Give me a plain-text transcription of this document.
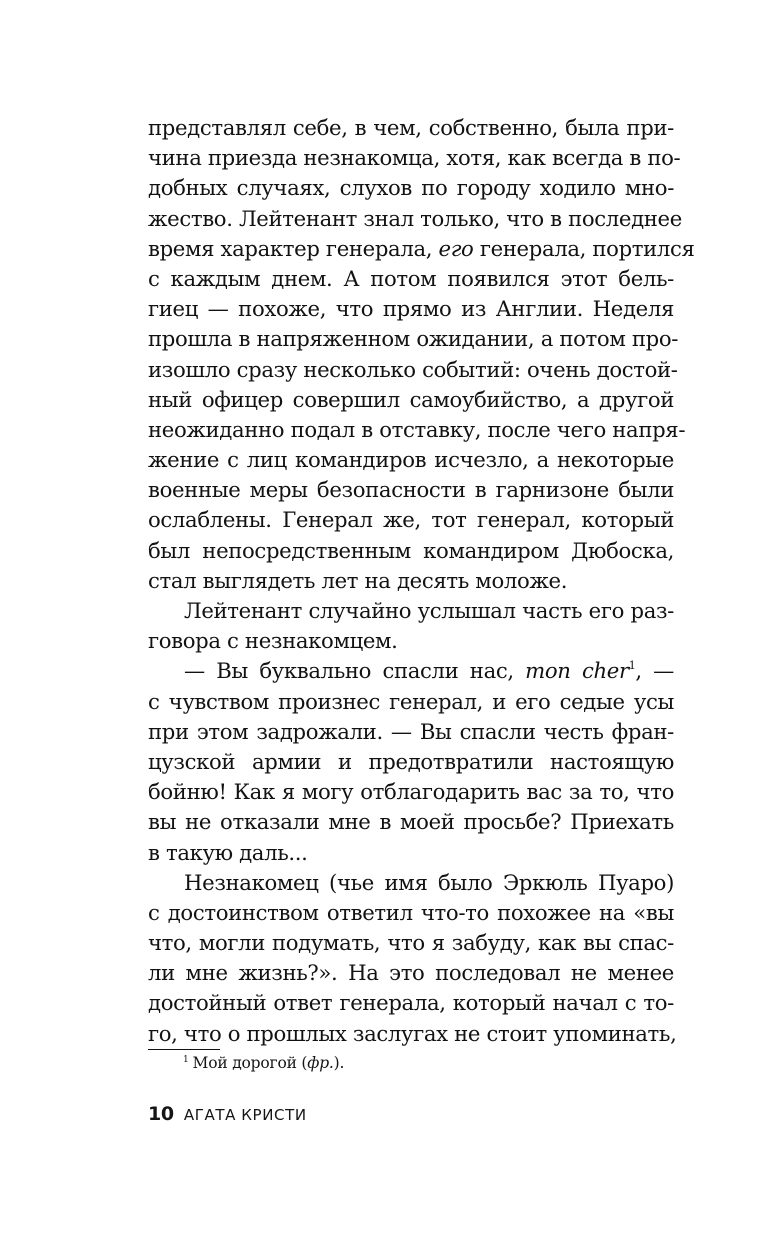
представлял себе, в чем, собственно, была при-
чина приезда незнакомца, хотя, как всегда в по-
добных случаях, слухов по городу ходило мно-
жество. Лейтенант знал только, что в последнее
время характер генерала, его генерала, портился
с каждым днем. А потом появился этот бель-
гиец — похоже, что прямо из Англии. Неделя
прошла в напряженном ожидании, а потом про-
изошло сразу несколько событий: очень достой-
ный офицер совершил самоубийство, а другой
неожиданно подал в отставку, после чего напря-
жение с лиц командиров исчезло, а некоторые
военные меры безопасности в гарнизоне были
ослаблены. Генерал же, тот генерал, который
был непосредственным командиром Дюбоска,
стал выглядеть лет на десять моложе.
Лейтенант случайно услышал часть его раз-
говора с незнакомцем.
— Вы буквально спасли нас, mon cher$^1$, —
с чувством произнес генерал, и его седые усы
при этом задрожали. — Вы спасли честь фран-
цузской армии и предотвратили настоящую
бойню! Как я могу отблагодарить вас за то, что
вы не отказали мне в моей просьбе? Приехать
в такую даль...
Незнакомец (чье имя было Эркюль Пуаро)
с достоинством ответил что-то похожее на «вы
что, могли подумать, что я забуду, как вы спас-
ли мне жизнь?». На это последовал не менее
достойный ответ генерала, который начал с то-
го, что о прошлых заслугах не стоит упоминать,
$^1$ Мой дорогой (фр.).
10 АГАТА КРИСТИ
